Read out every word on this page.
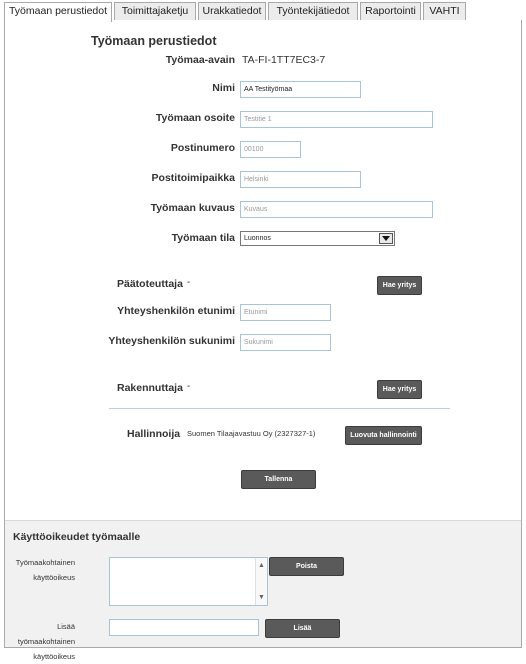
Työmaan perustiedot	Toimittajaketju	Urakkatiedot	Työntekijätiedot	Raportointi	VAHTI
Työmaan perustiedot
Työmaa-avain TA-FI-1TT7EC3-7
Nimi	AA Testityömaa
Työmaan osoite	Testitie 1
Postinumero	00100
Postitoimipaikka	Helsinki
Työmaan kuvaus	Kuvaus
Työmaan tila	Luonnos
Päätoteuttaja -	Hae yritys
Yhteyshenkilön etunimi	Etunimi
Yhteyshenkilön sukunimi	Sukunimi
Rakennuttaja -	Hae yritys
Hallinnoija Suomen Tilaajavastuu Oy (2327327-1)	Luovuta hallinnointi
Tallenna
Käyttöoikeudet työmaalle
Työmaakohtainen
käyttöoikeus
▲
▼
Poista
Lisää työmaakohtainen
käyttöoikeus
Lisää
